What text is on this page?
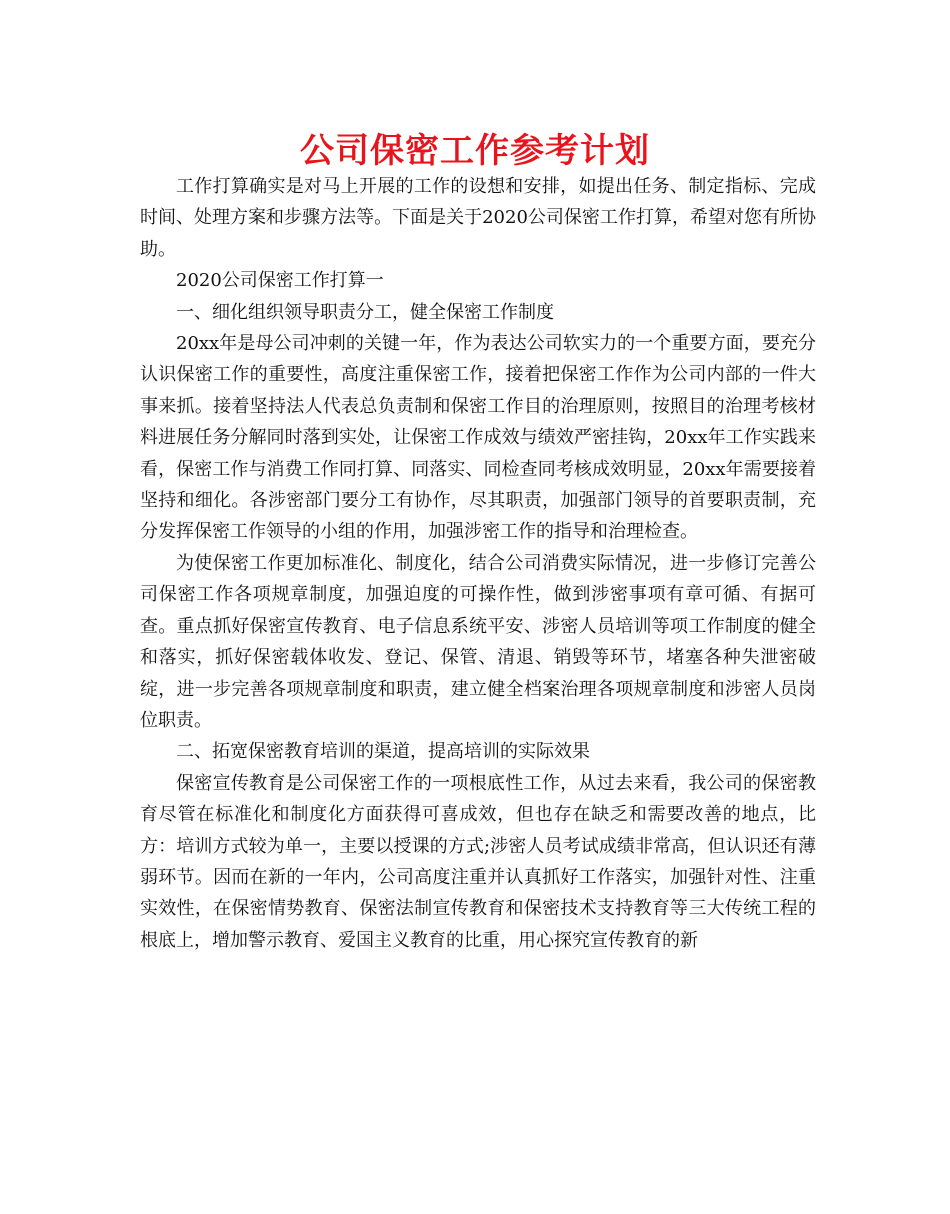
公司保密工作参考计划

工作打算确实是对马上开展的工作的设想和安排，如提出任务、制定指标、完成时间、处理方案和步骤方法等。下面是关于2020公司保密工作打算，希望对您有所协助。

2020公司保密工作打算一

一、细化组织领导职责分工，健全保密工作制度

20xx年是母公司冲刺的关键一年，作为表达公司软实力的一个重要方面，要充分认识保密工作的重要性，高度注重保密工作，接着把保密工作作为公司内部的一件大事来抓。接着坚持法人代表总负责制和保密工作目的治理原则，按照目的治理考核材料进展任务分解同时落到实处，让保密工作成效与绩效严密挂钩，20xx年工作实践来看，保密工作与消费工作同打算、同落实、同检查同考核成效明显，20xx年需要接着坚持和细化。各涉密部门要分工有协作，尽其职责，加强部门领导的首要职责制，充分发挥保密工作领导的小组的作用，加强涉密工作的指导和治理检查。

为使保密工作更加标准化、制度化，结合公司消费实际情况，进一步修订完善公司保密工作各项规章制度，加强迫度的可操作性，做到涉密事项有章可循、有据可查。重点抓好保密宣传教育、电子信息系统平安、涉密人员培训等项工作制度的健全和落实，抓好保密载体收发、登记、保管、清退、销毁等环节，堵塞各种失泄密破绽，进一步完善各项规章制度和职责，建立健全档案治理各项规章制度和涉密人员岗位职责。

二、拓宽保密教育培训的渠道，提高培训的实际效果

保密宣传教育是公司保密工作的一项根底性工作，从过去来看，我公司的保密教育尽管在标准化和制度化方面获得可喜成效，但也存在缺乏和需要改善的地点，比方：培训方式较为单一，主要以授课的方式;涉密人员考试成绩非常高，但认识还有薄弱环节。因而在新的一年内，公司高度注重并认真抓好工作落实，加强针对性、注重实效性，在保密情势教育、保密法制宣传教育和保密技术支持教育等三大传统工程的根底上，增加警示教育、爱国主义教育的比重，用心探究宣传教育的新
